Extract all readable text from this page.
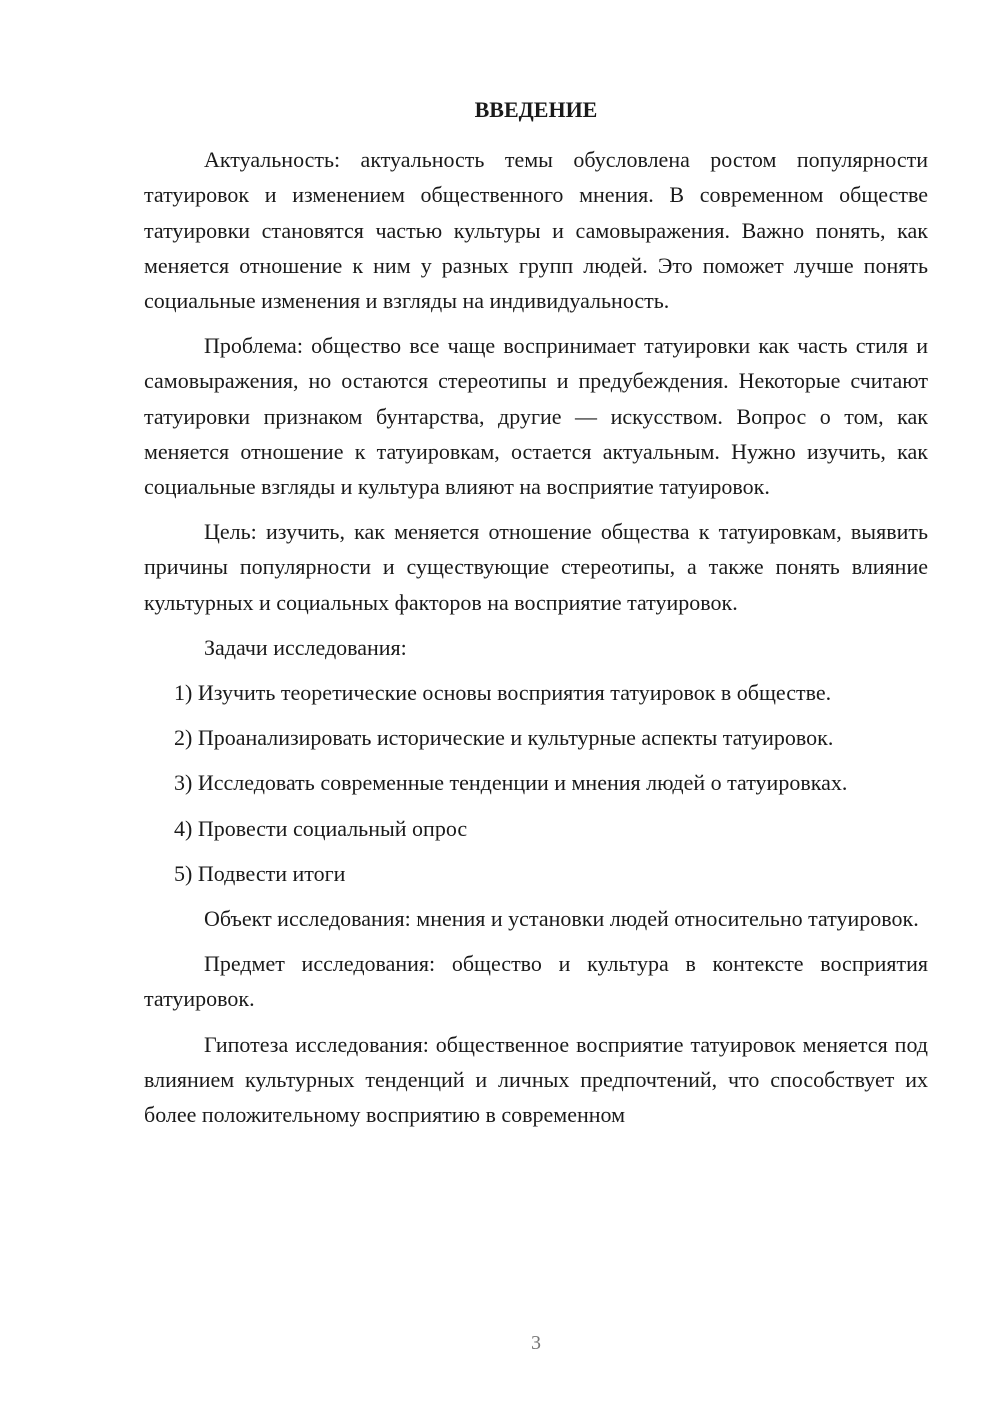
ВВЕДЕНИЕ

Актуальность: актуальность темы обусловлена ростом популярности татуировок и изменением общественного мнения. В современном обществе татуировки становятся частью культуры и самовыражения. Важно понять, как меняется отношение к ним у разных групп людей. Это поможет лучше понять социальные изменения и взгляды на индивидуальность.

Проблема: общество все чаще воспринимает татуировки как часть стиля и самовыражения, но остаются стереотипы и предубеждения. Некоторые считают татуировки признаком бунтарства, другие — искусством. Вопрос о том, как меняется отношение к татуировкам, остается актуальным. Нужно изучить, как социальные взгляды и культура влияют на восприятие татуировок.

Цель: изучить, как меняется отношение общества к татуировкам, выявить причины популярности и существующие стереотипы, а также понять влияние культурных и социальных факторов на восприятие татуировок.

Задачи исследования:

1) Изучить теоретические основы восприятия татуировок в обществе.

2) Проанализировать исторические и культурные аспекты татуировок.

3) Исследовать современные тенденции и мнения людей о татуировках.

4) Провести социальный опрос

5) Подвести итоги

Объект исследования: мнения и установки людей относительно татуировок.

Предмет исследования: общество и культура в контексте восприятия татуировок.

Гипотеза исследования: общественное восприятие татуировок меняется под влиянием культурных тенденций и личных предпочтений, что способствует их более положительному восприятию в современном

3
